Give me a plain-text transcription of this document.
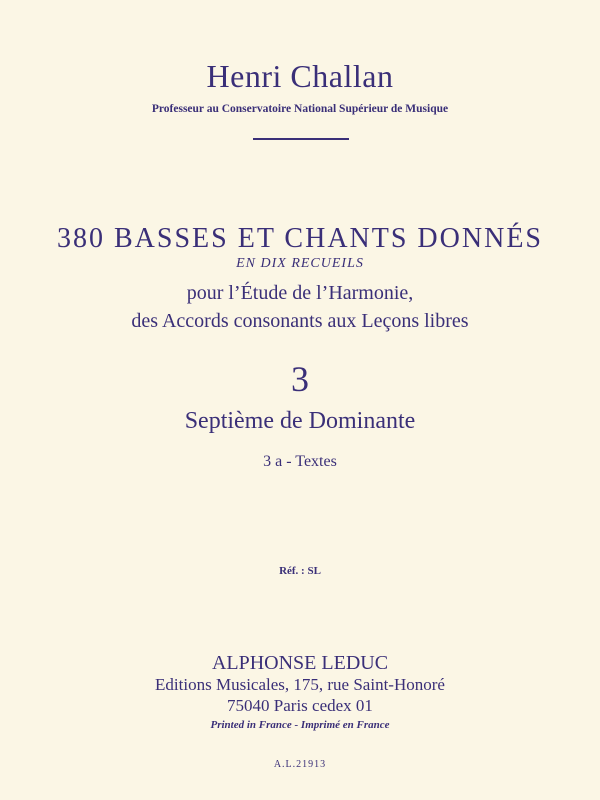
Henri Challan
Professeur au Conservatoire National Supérieur de Musique
380 BASSES ET CHANTS DONNÉS
EN DIX RECUEILS
pour l’Étude de l’Harmonie,
des Accords consonants aux Leçons libres
3
Septième de Dominante
3 a - Textes
Réf. : SL
ALPHONSE LEDUC
Editions Musicales, 175, rue Saint-Honoré
75040 Paris cedex 01
Printed in France - Imprimé en France
A.L.21913
